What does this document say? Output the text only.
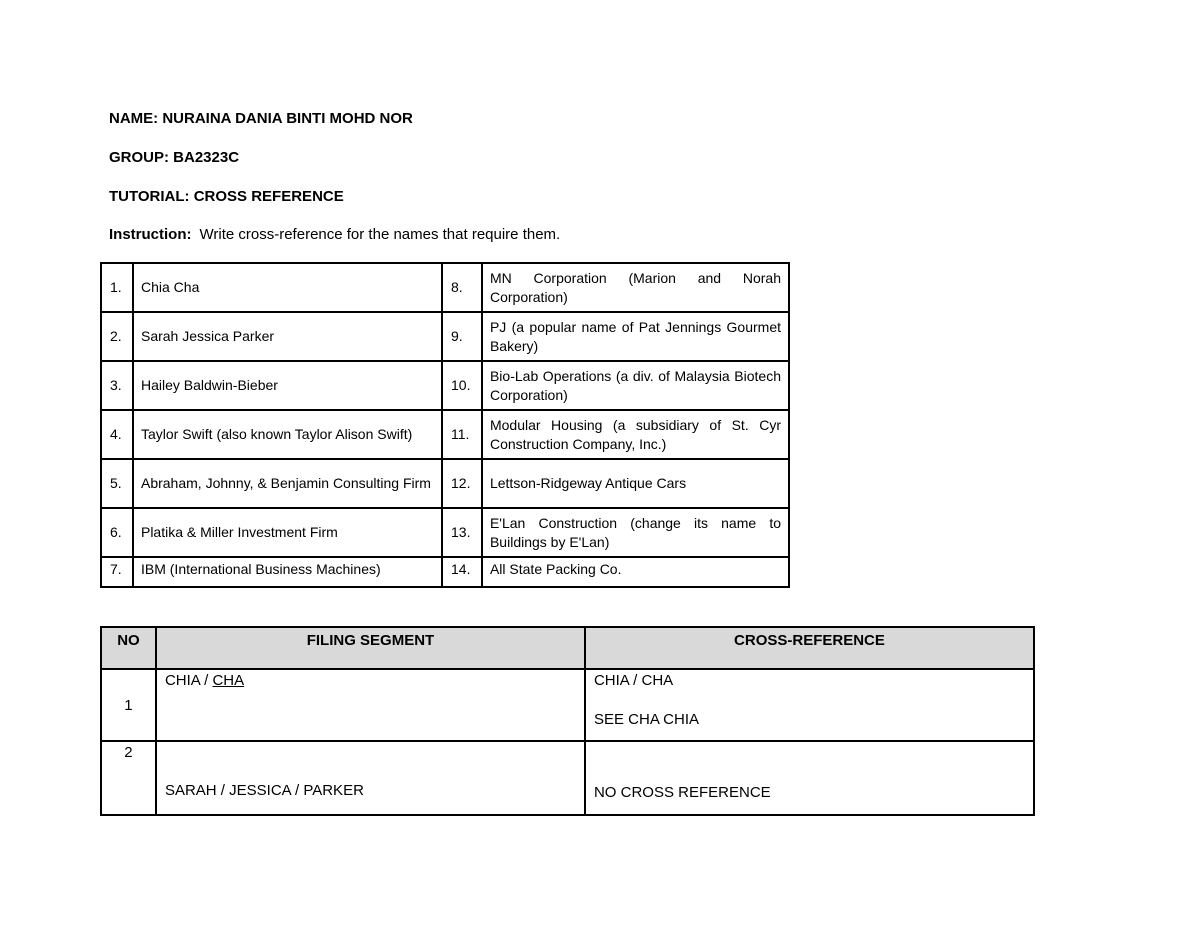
NAME: NURAINA DANIA BINTI MOHD NOR
GROUP: BA2323C
TUTORIAL: CROSS REFERENCE
Instruction: Write cross-reference for the names that require them.
1.	Chia Cha	8.	MN Corporation (Marion and Norah Corporation)
2.	Sarah Jessica Parker	9.	PJ (a popular name of Pat Jennings Gourmet Bakery)
3.	Hailey Baldwin-Bieber	10.	Bio-Lab Operations (a div. of Malaysia Biotech Corporation)
4.	Taylor Swift (also known Taylor Alison Swift)	11.	Modular Housing (a subsidiary of St. Cyr Construction Company, Inc.)
5.	Abraham, Johnny, & Benjamin Consulting Firm	12.	Lettson-Ridgeway Antique Cars
6.	Platika & Miller Investment Firm	13.	E'Lan Construction (change its name to Buildings by E'Lan)
7.	IBM (International Business Machines)	14.	All State Packing Co.
NO	FILING SEGMENT	CROSS-REFERENCE
1	CHIA / CHA	CHIA / CHA
SEE CHA CHIA

2	SARAH / JESSICA / PARKER	NO CROSS REFERENCE
